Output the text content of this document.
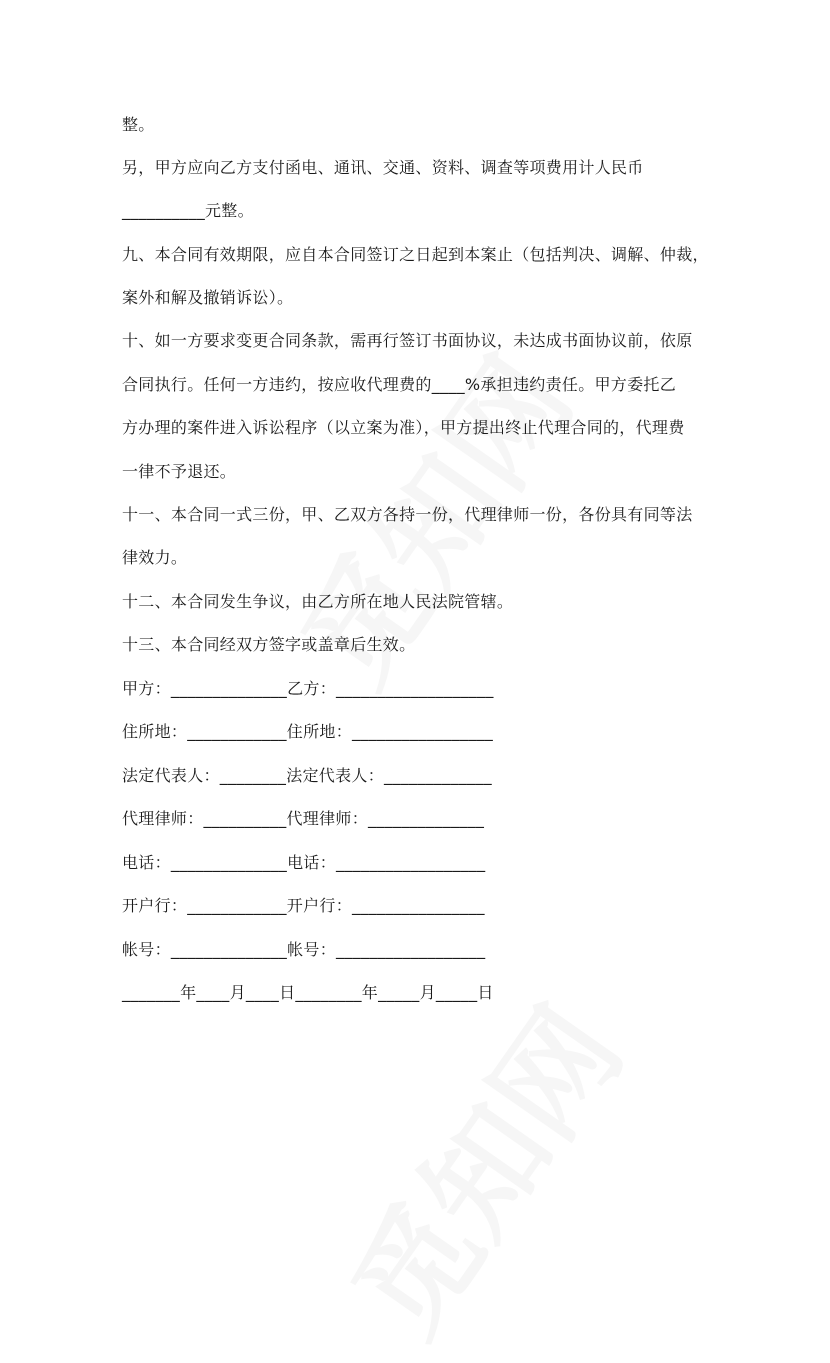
整。
另，甲方应向乙方支付函电、通讯、交通、资料、调查等项费用计人民币
__________元整。
九、本合同有效期限，应自本合同签订之日起到本案止（包括判决、调解、仲裁，
案外和解及撤销诉讼）。
十、如一方要求变更合同条款，需再行签订书面协议，未达成书面协议前，依原
合同执行。任何一方违约，按应收代理费的____%承担违约责任。甲方委托乙
方办理的案件进入诉讼程序（以立案为准），甲方提出终止代理合同的，代理费
一律不予退还。
十一、本合同一式三份，甲、乙双方各持一份，代理律师一份，各份具有同等法
律效力。
十二、本合同发生争议，由乙方所在地人民法院管辖。
十三、本合同经双方签字或盖章后生效。
甲方：______________乙方：___________________
住所地：____________住所地：_________________
法定代表人：________法定代表人：_____________
代理律师：__________代理律师：______________
电话：______________电话：__________________
开户行：____________开户行：________________
帐号：______________帐号：__________________
_______年____月____日________年_____月_____日
